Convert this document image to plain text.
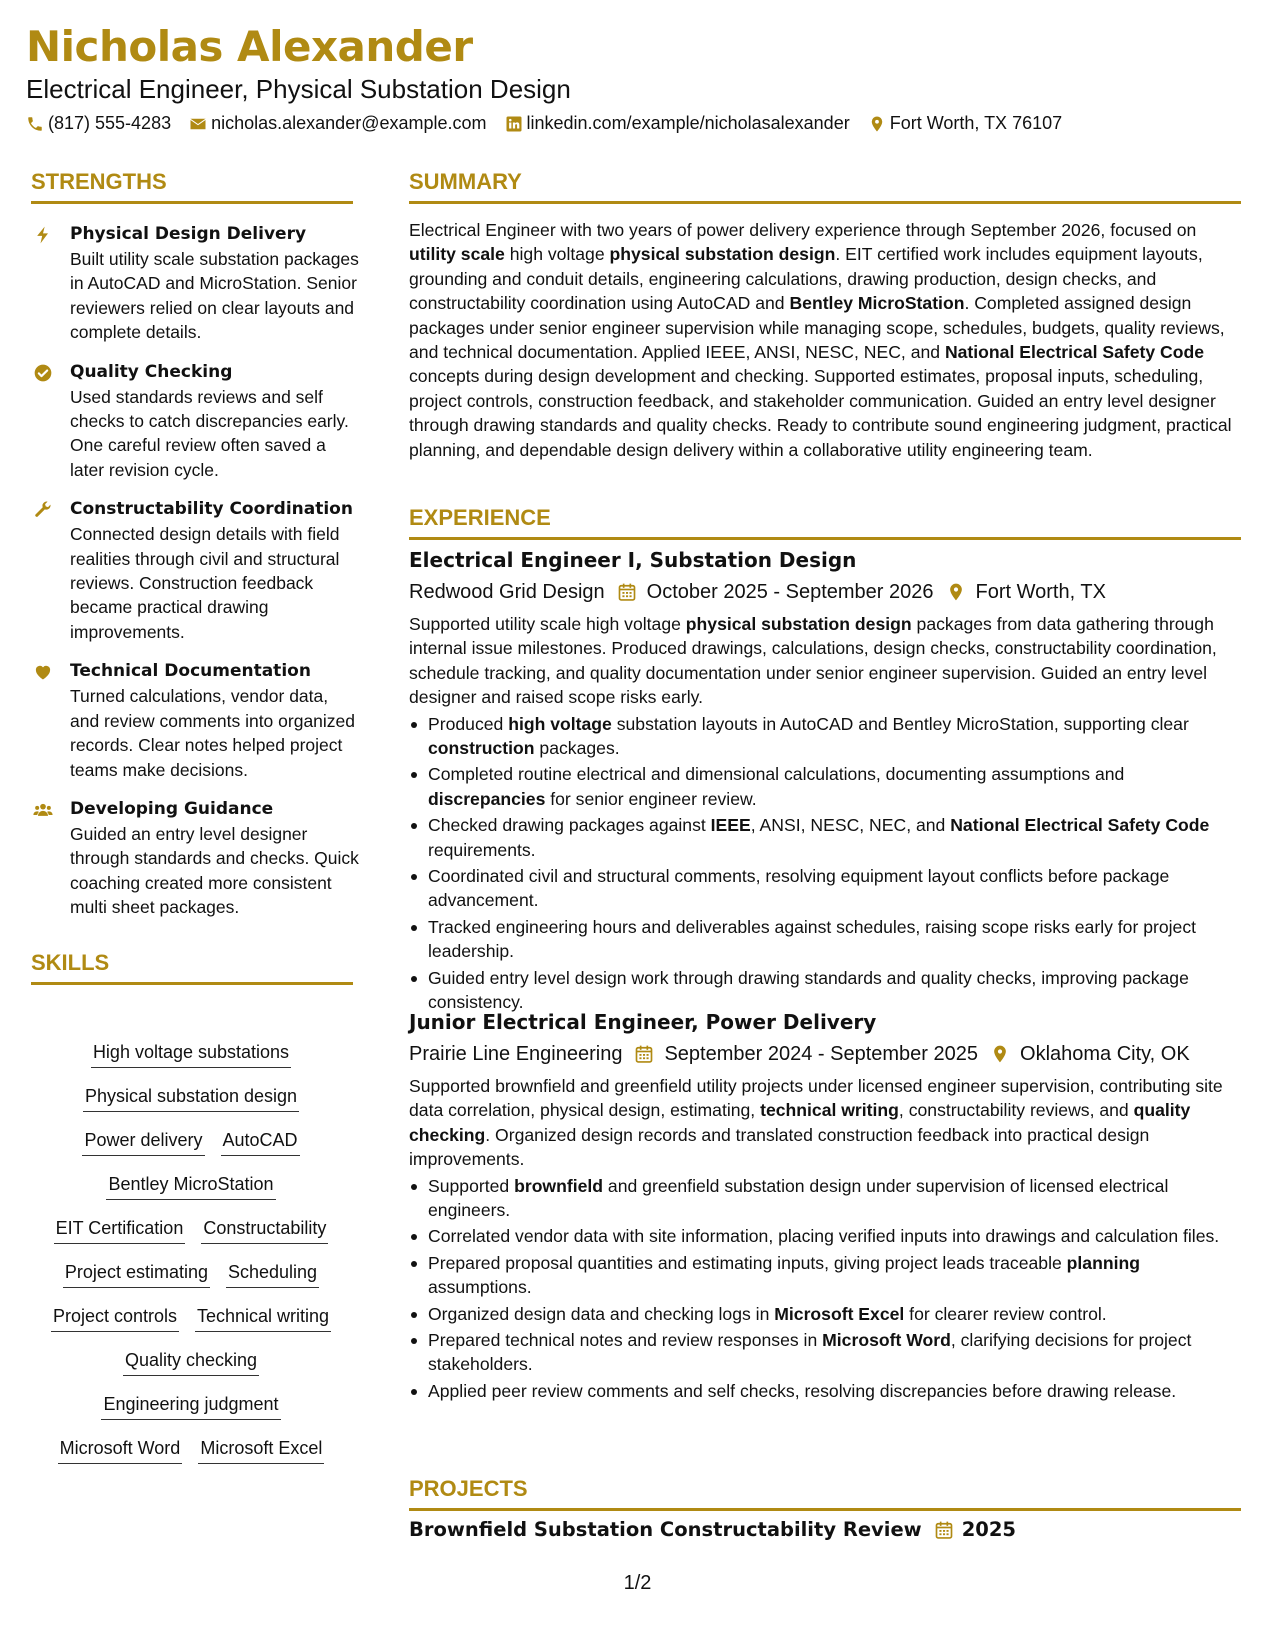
Nicholas Alexander
Electrical Engineer, Physical Substation Design
(817) 555-4283 nicholas.alexander@example.com linkedin.com/example/nicholasalexander Fort Worth, TX 76107
STRENGTHS
Physical Design Delivery
Built utility scale substation packages in AutoCAD and MicroStation. Senior reviewers relied on clear layouts and complete details.
Quality Checking
Used standards reviews and self checks to catch discrepancies early. One careful review often saved a later revision cycle.
Constructability Coordination
Connected design details with field realities through civil and structural reviews. Construction feedback became practical drawing improvements.
Technical Documentation
Turned calculations, vendor data, and review comments into organized records. Clear notes helped project teams make decisions.
Developing Guidance
Guided an entry level designer through standards and checks. Quick coaching created more consistent multi sheet packages.
SKILLS
High voltage substations
Physical substation design
Power delivery AutoCAD
Bentley MicroStation
EIT Certification Constructability
Project estimating Scheduling
Project controls Technical writing
Quality checking
Engineering judgment
Microsoft Word Microsoft Excel
SUMMARY
Electrical Engineer with two years of power delivery experience through September 2026, focused on utility scale high voltage physical substation design. EIT certified work includes equipment layouts, grounding and conduit details, engineering calculations, drawing production, design checks, and constructability coordination using AutoCAD and Bentley MicroStation. Completed assigned design packages under senior engineer supervision while managing scope, schedules, budgets, quality reviews, and technical documentation. Applied IEEE, ANSI, NESC, NEC, and National Electrical Safety Code concepts during design development and checking. Supported estimates, proposal inputs, scheduling, project controls, construction feedback, and stakeholder communication. Guided an entry level designer through drawing standards and quality checks. Ready to contribute sound engineering judgment, practical planning, and dependable design delivery within a collaborative utility engineering team.
EXPERIENCE
Electrical Engineer I, Substation Design
Redwood Grid Design October 2025 - September 2026 Fort Worth, TX
Supported utility scale high voltage physical substation design packages from data gathering through internal issue milestones. Produced drawings, calculations, design checks, constructability coordination, schedule tracking, and quality documentation under senior engineer supervision. Guided an entry level designer and raised scope risks early.
Produced high voltage substation layouts in AutoCAD and Bentley MicroStation, supporting clear construction packages.
Completed routine electrical and dimensional calculations, documenting assumptions and discrepancies for senior engineer review.
Checked drawing packages against IEEE, ANSI, NESC, NEC, and National Electrical Safety Code requirements.
Coordinated civil and structural comments, resolving equipment layout conflicts before package advancement.
Tracked engineering hours and deliverables against schedules, raising scope risks early for project leadership.
Guided entry level design work through drawing standards and quality checks, improving package consistency.
Junior Electrical Engineer, Power Delivery
Prairie Line Engineering September 2024 - September 2025 Oklahoma City, OK
Supported brownfield and greenfield utility projects under licensed engineer supervision, contributing site data correlation, physical design, estimating, technical writing, constructability reviews, and quality checking. Organized design records and translated construction feedback into practical design improvements.
Supported brownfield and greenfield substation design under supervision of licensed electrical engineers.
Correlated vendor data with site information, placing verified inputs into drawings and calculation files.
Prepared proposal quantities and estimating inputs, giving project leads traceable planning assumptions.
Organized design data and checking logs in Microsoft Excel for clearer review control.
Prepared technical notes and review responses in Microsoft Word, clarifying decisions for project stakeholders.
Applied peer review comments and self checks, resolving discrepancies before drawing release.
PROJECTS
Brownfield Substation Constructability Review 2025
1/2
